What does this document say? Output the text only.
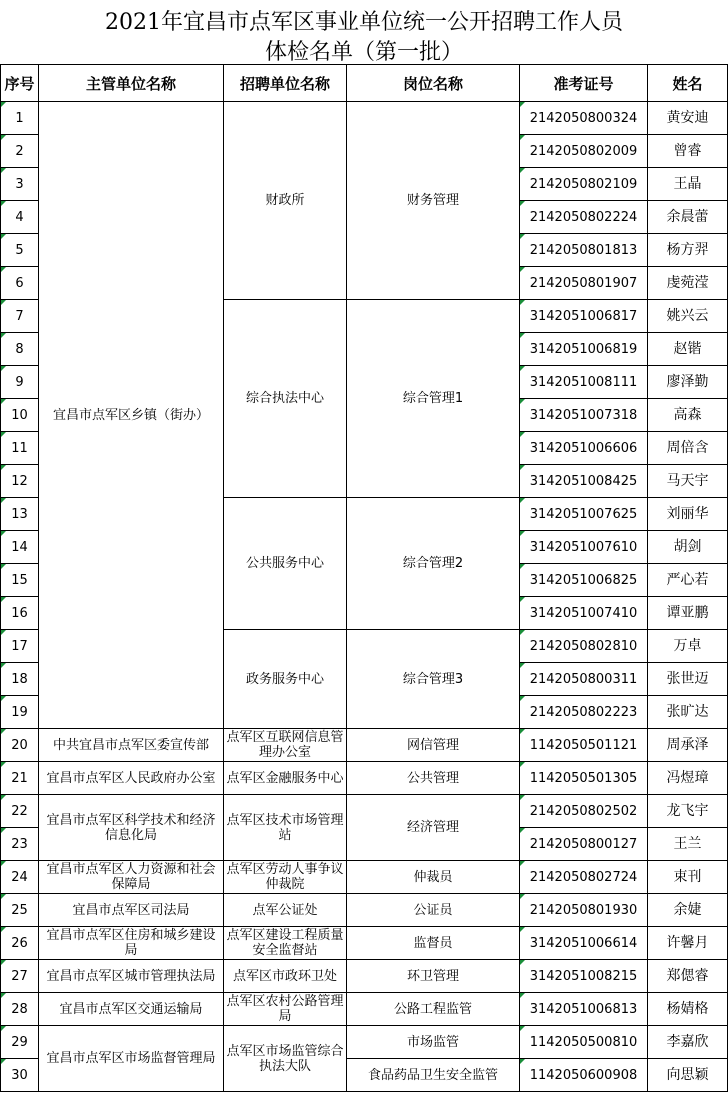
2021年宜昌市点军区事业单位统一公开招聘工作人员
体检名单（第一批）
序号	主管单位名称	招聘单位名称	岗位名称	准考证号	姓名
1	宜昌市点军区乡镇（街办）	财政所	财务管理	2142050800324	黄安迪
2				2142050802009	曾睿
3				2142050802109	王晶
4				2142050802224	余晨蕾
5				2142050801813	杨方羿
6				2142050801907	虔菀滢
7		综合执法中心	综合管理1	3142051006817	姚兴云
8				3142051006819	赵锴
9				3142051008111	廖泽勤
10				3142051007318	高森
11				3142051006606	周倍含
12				3142051008425	马天宇
13		公共服务中心	综合管理2	3142051007625	刘丽华
14				3142051007610	胡剑
15				3142051006825	严心若
16				3142051007410	谭亚鹏
17		政务服务中心	综合管理3	2142050802810	万卓
18				2142050800311	张世迈
19				2142050802223	张旷达
20	中共宜昌市点军区委宣传部	点军区互联网信息管理办公室	网信管理	1142050501121	周承泽
21	宜昌市点军区人民政府办公室	点军区金融服务中心	公共管理	1142050501305	冯煜璋
22	宜昌市点军区科学技术和经济信息化局	点军区技术市场管理站	经济管理	2142050802502	龙飞宇
23				2142050800127	王兰
24	宜昌市点军区人力资源和社会保障局	点军区劳动人事争议仲裁院	仲裁员	2142050802724	束刊
25	宜昌市点军区司法局	点军公证处	公证员	2142050801930	余婕
26	宜昌市点军区住房和城乡建设局	点军区建设工程质量安全监督站	监督员	3142051006614	许馨月
27	宜昌市点军区城市管理执法局	点军区市政环卫处	环卫管理	3142051008215	郑偲睿
28	宜昌市点军区交通运输局	点军区农村公路管理局	公路工程监管	3142051006813	杨婧格
29	宜昌市点军区市场监督管理局	点军区市场监管综合执法大队	市场监管	1142050500810	李嘉欣
30			食品药品卫生安全监管	1142050600908	向思颖
